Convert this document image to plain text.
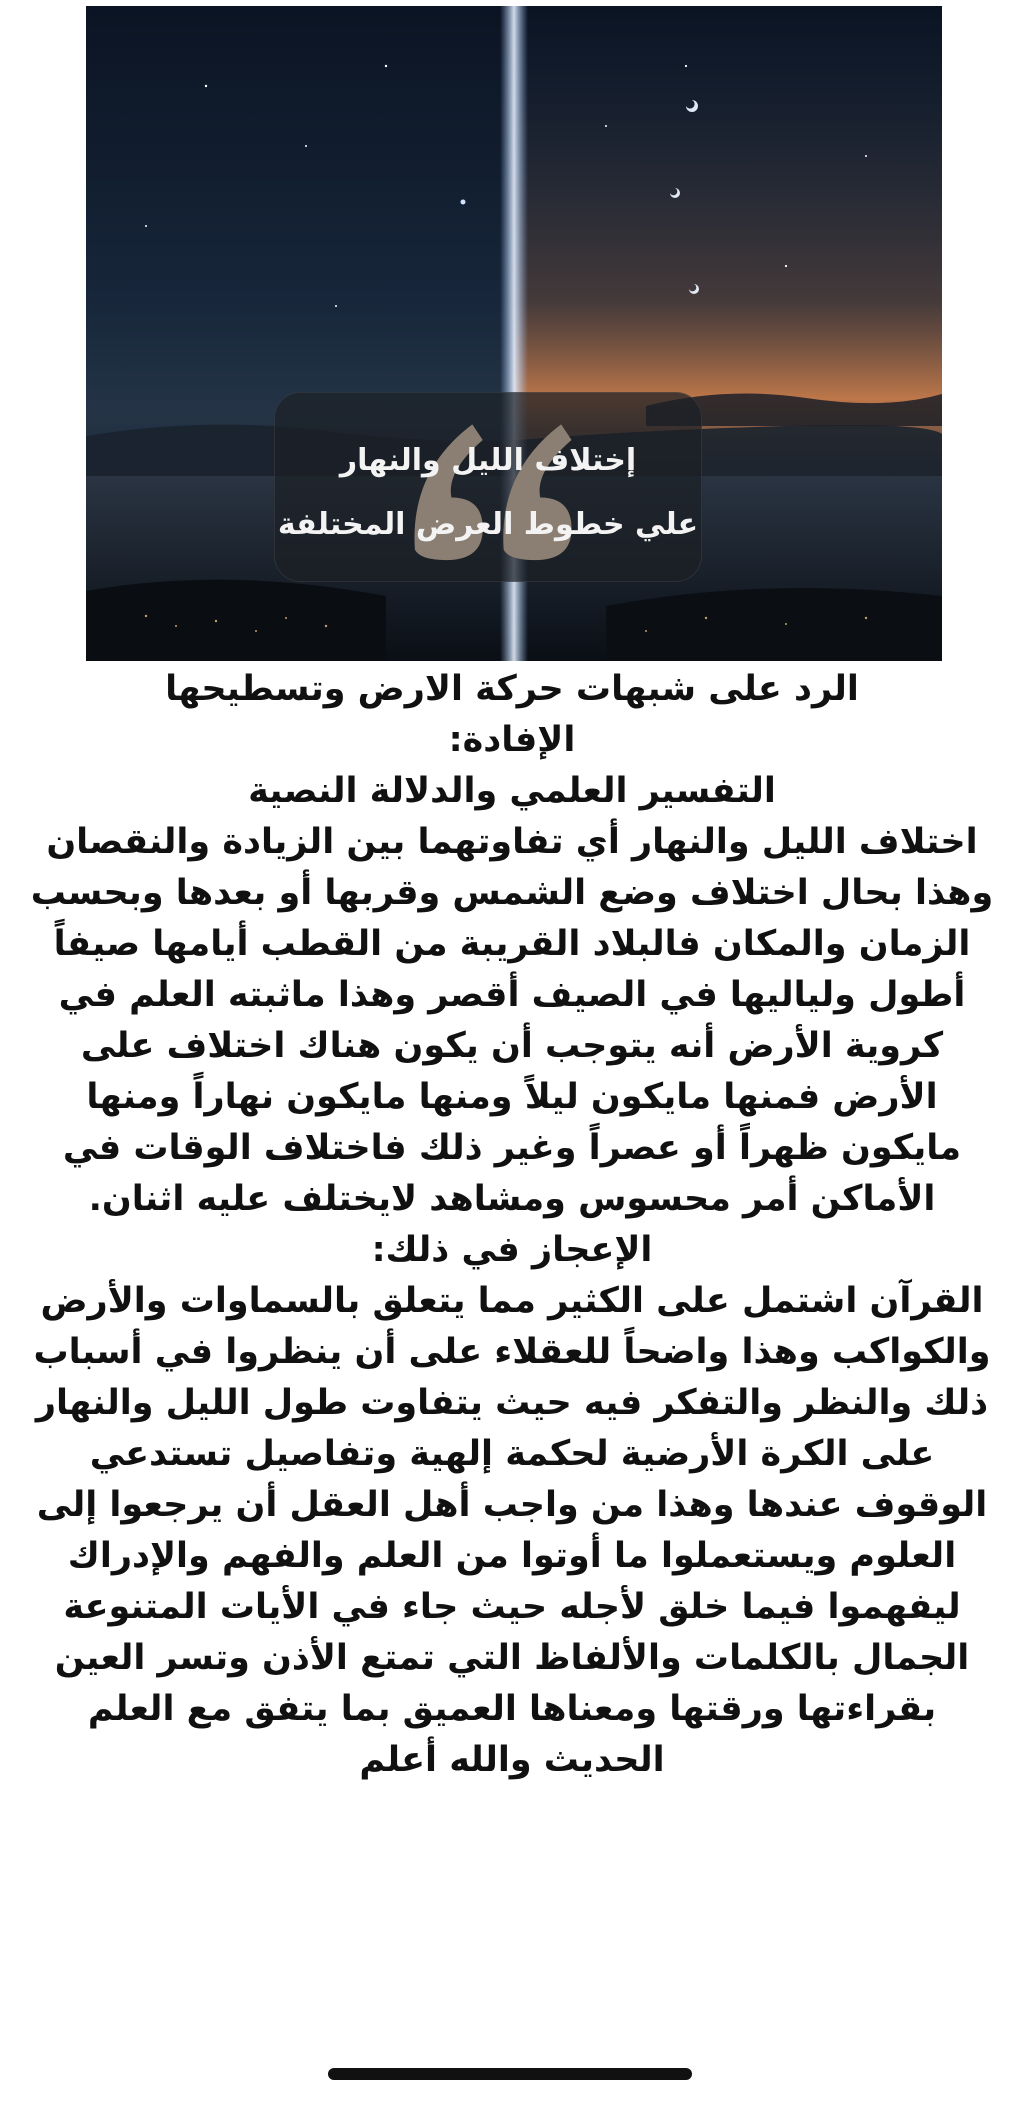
إختلاف الليل والنهار
علي خطوط العرض المختلفة

الرد على شبهات حركة الارض وتسطيحها

الإفادة:

التفسير العلمي والدلالة النصية

اختلاف الليل والنهار أي تفاوتهما بين الزيادة والنقصان وهذا بحال اختلاف وضع الشمس وقربها أو بعدها وبحسب الزمان والمكان فالبلاد القريبة من القطب أيامها صيفاً أطول ولياليها في الصيف أقصر وهذا ماثبته العلم في كروية الأرض أنه يتوجب أن يكون هناك اختلاف على الأرض فمنها مايكون ليلاً ومنها مايكون نهاراً ومنها مايكون ظهراً أو عصراً وغير ذلك فاختلاف الوقات في الأماكن أمر محسوس ومشاهد لايختلف عليه اثنان.

الإعجاز في ذلك:

القرآن اشتمل على الكثير مما يتعلق بالسماوات والأرض والكواكب وهذا واضحاً للعقلاء على أن ينظروا في أسباب ذلك والنظر والتفكر فيه حيث يتفاوت طول الليل والنهار على الكرة الأرضية لحكمة إلهية وتفاصيل تستدعي الوقوف عندها وهذا من واجب أهل العقل أن يرجعوا إلى العلوم ويستعملوا ما أوتوا من العلم والفهم والإدراك ليفهموا فيما خلق لأجله حيث جاء في الأيات المتنوعة الجمال بالكلمات والألفاظ التي تمتع الأذن وتسر العين بقراءتها ورقتها ومعناها العميق بما يتفق مع العلم الحديث والله أعلم
